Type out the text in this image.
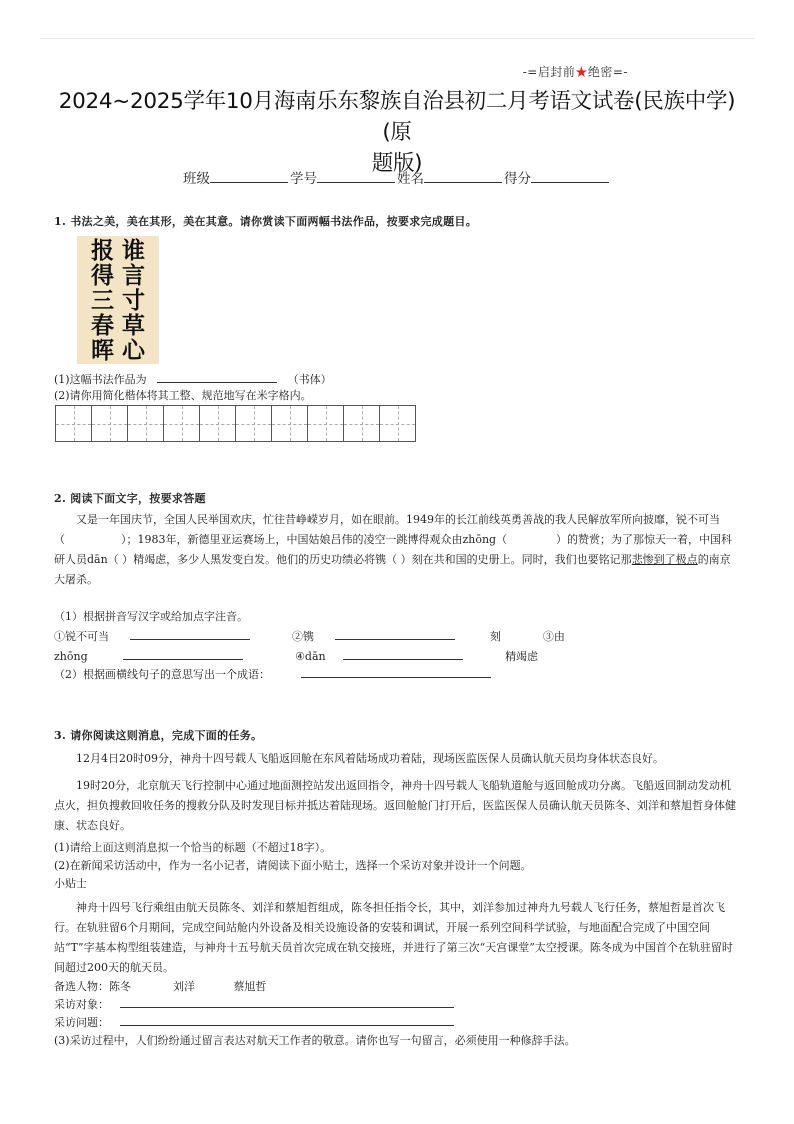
-=启封前★绝密=-
2024~2025学年10月海南乐东黎族自治县初二月考语文试卷(民族中学)(原
题版)
班级	学号	姓名	得分
1. 书法之美，美在其形，美在其意。请你赏读下面两幅书法作品，按要求完成题目。
谁
言
寸
草
心
报
得
三
春
晖
(1)这幅书法作品为	（书体）
(2)请你用简化楷体将其工整、规范地写在米字格内。
2. 阅读下面文字，按要求答题
又是一年国庆节，全国人民举国欢庆，忙往昔峥嵘岁月，如在眼前。1949年的长江前线英勇善战的我人民解放军所向披靡，锐不可当（	）；1983年，新德里亚运赛场上，中国姑娘吕伟的凌空一跳博得观众由zhōng（	）的赞赏；为了那惊天一着，中国科研人员dān（ ）精竭虑，多少人黑发变白发。他们的历史功绩必将镌（ ）刻在共和国的史册上。同时，我们也要铭记那悲惨到了极点的南京大屠杀。
（1）根据拼音写汉字或给加点字注音。
①锐不可当	②镌	刻	③由
zhōng	④dān	精竭虑
（2）根据画横线句子的意思写出一个成语：
3. 请你阅读这则消息，完成下面的任务。
12月4日20时09分，神舟十四号载人飞船返回舱在东风着陆场成功着陆，现场医监医保人员确认航天员均身体状态良好。
19时20分，北京航天飞行控制中心通过地面测控站发出返回指令，神舟十四号载人飞船轨道舱与返回舱成功分离。飞船返回制动发动机点火，担负搜救回收任务的搜救分队及时发现目标并抵达着陆现场。返回舱舱门打开后，医监医保人员确认航天员陈冬、刘洋和蔡旭哲身体健康、状态良好。
(1)请给上面这则消息拟一个恰当的标题（不超过18字）。
(2)在新闻采访活动中，作为一名小记者，请阅读下面小贴士，选择一个采访对象并设计一个问题。
小贴士
神舟十四号飞行乘组由航天员陈冬、刘洋和蔡旭哲组成，陈冬担任指令长，其中，刘洋参加过神舟九号载人飞行任务，蔡旭哲是首次飞行。在轨驻留6个月期间，完成空间站舱内外设备及相关设施设备的安装和调试，开展一系列空间科学试验，与地面配合完成了中国空间站“T”字基本构型组装建造，与神舟十五号航天员首次完成在轨交接班，并进行了第三次“天宫课堂”太空授课。陈冬成为中国首个在轨驻留时间超过200天的航天员。
备选人物：陈冬	刘洋	蔡旭哲
采访对象：
采访问题：
(3)采访过程中，人们纷纷通过留言表达对航天工作者的敬意。请你也写一句留言，必须使用一种修辞手法。
